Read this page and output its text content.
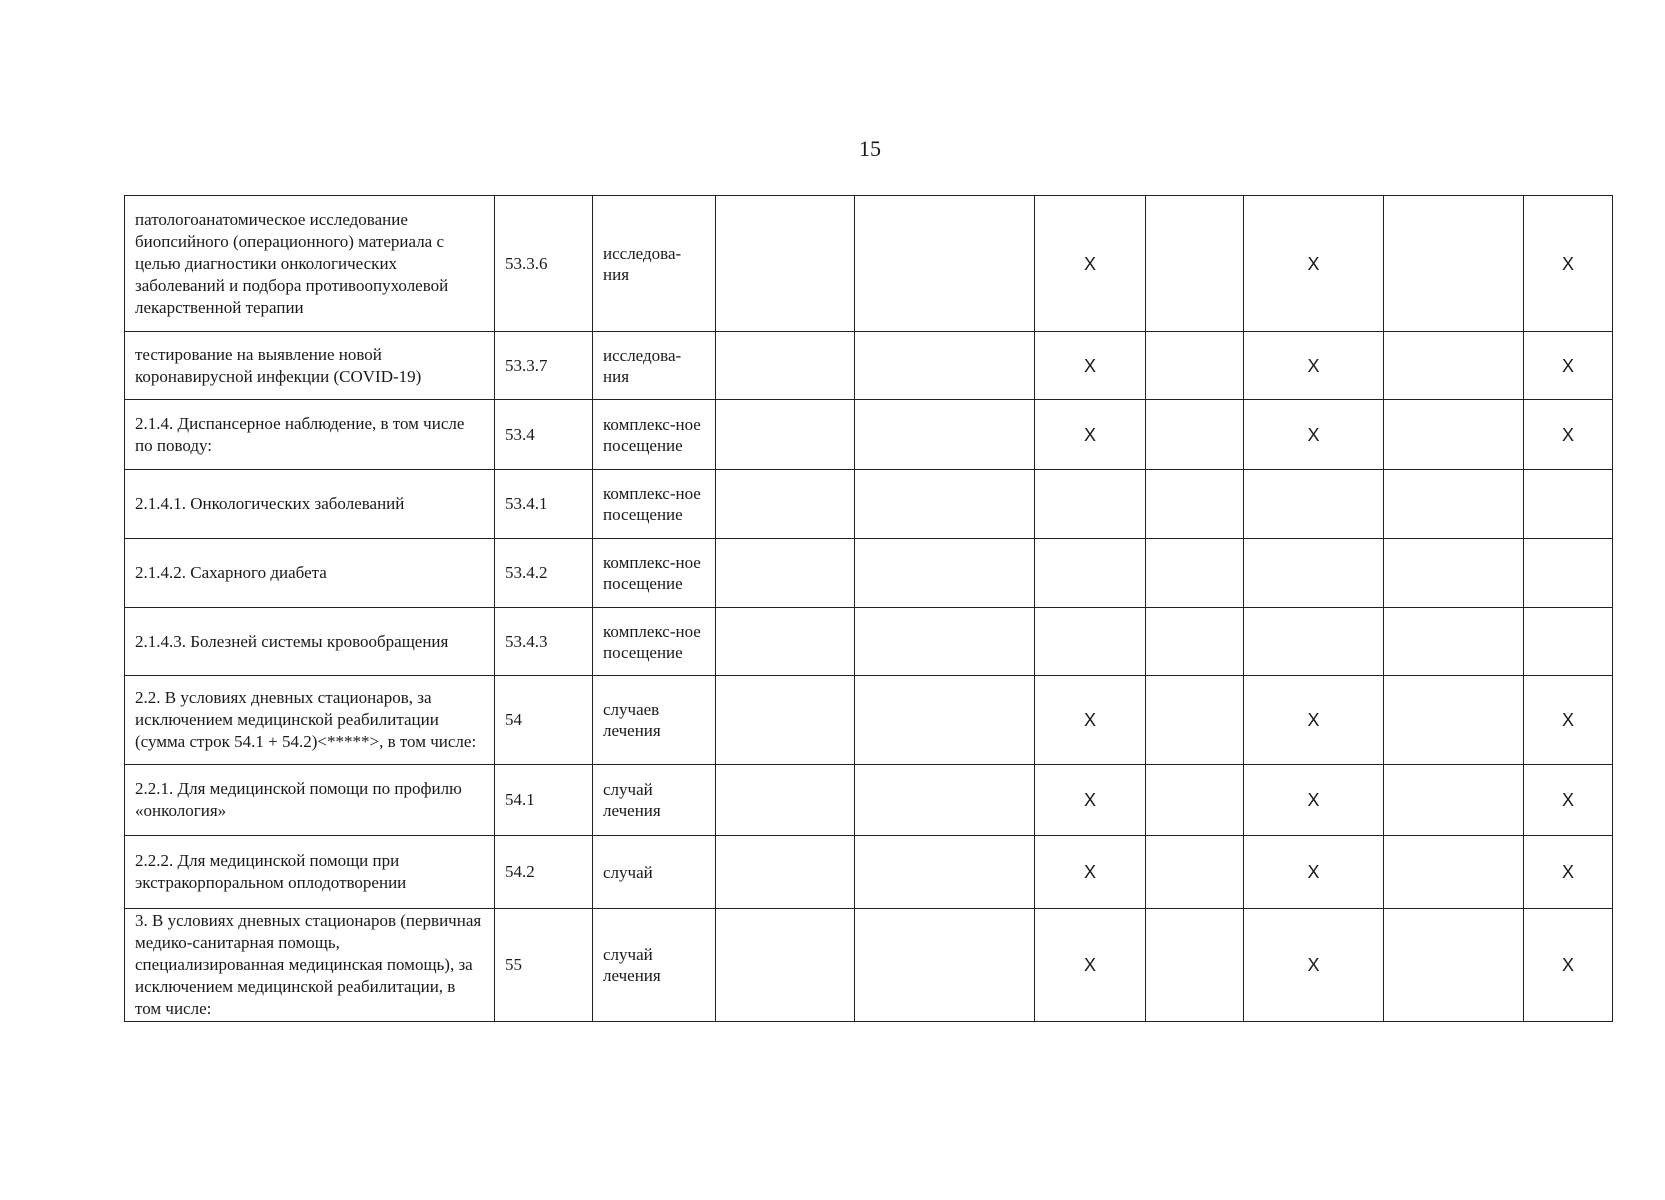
15
патологоанатомическое исследование биопсийного (операционного) материала с целью диагностики онкологических заболеваний и подбора противоопухолевой лекарственной терапии	53.3.6	исследова-ния			Х		Х		Х
тестирование на выявление новой коронавирусной инфекции (COVID-19)	53.3.7	исследова-ния			Х		Х		Х
2.1.4. Диспансерное наблюдение, в том числе по поводу:	53.4	комплекс-ное посещение			Х		Х		Х
2.1.4.1. Онкологических заболеваний	53.4.1	комплекс-ное посещение							
2.1.4.2. Сахарного диабета	53.4.2	комплекс-ное посещение							
2.1.4.3. Болезней системы кровообращения	53.4.3	комплекс-ное посещение							
2.2. В условиях дневных стационаров, за исключением медицинской реабилитации (сумма строк 54.1 + 54.2)<*****>, в том числе:	54	случаев лечения			Х		Х		Х
2.2.1. Для медицинской помощи по профилю «онкология»	54.1	случай лечения			Х		Х		Х
2.2.2. Для медицинской помощи при экстракорпоральном оплодотворении	54.2	случай			Х		Х		Х
3. В условиях дневных стационаров (первичная медико-санитарная помощь, специализированная медицинская помощь), за исключением медицинской реабилитации, в том числе:	55	случай лечения			Х		Х		Х
